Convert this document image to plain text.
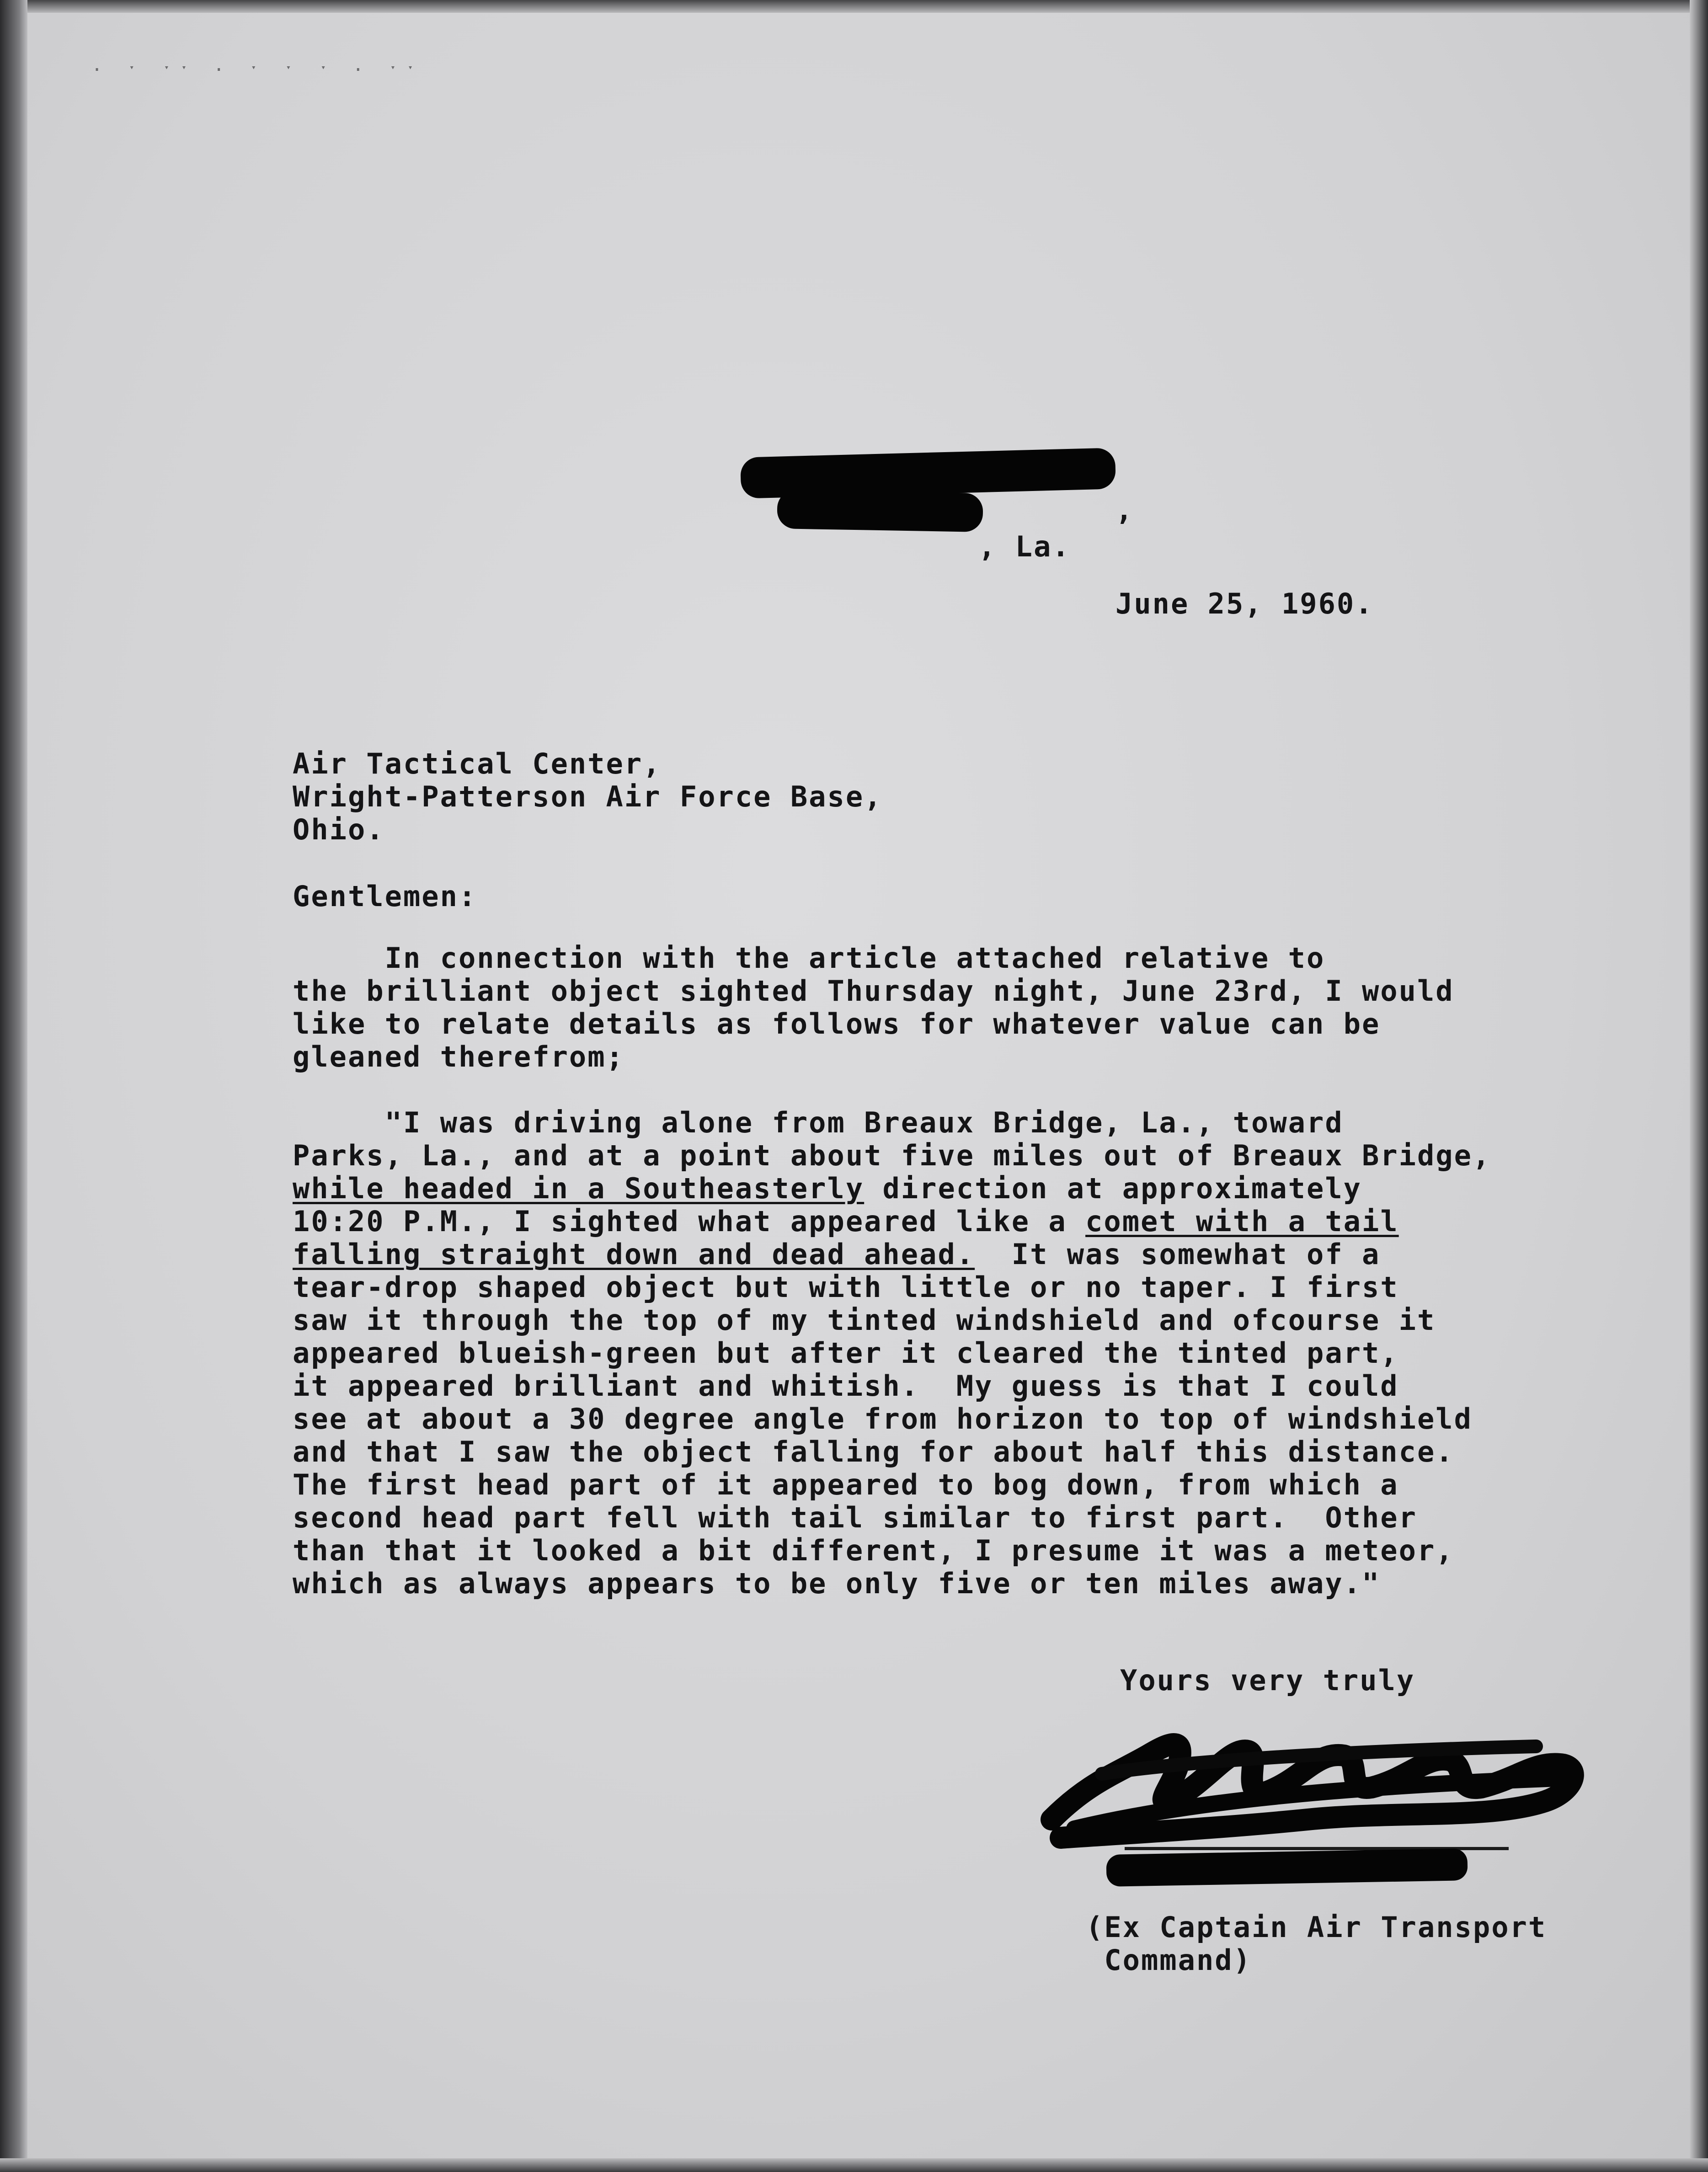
· ˑ ˑˑ · ˑ ˑ ˑ · ˑˑ
,
, La.
June 25, 1960.
Air Tactical Center,
Wright-Patterson Air Force Base,
Ohio.
Gentlemen:
In connection with the article attached relative to
the brilliant object sighted Thursday night, June 23rd, I would
like to relate details as follows for whatever value can be
gleaned therefrom;
"I was driving alone from Breaux Bridge, La., toward
Parks, La., and at a point about five miles out of Breaux Bridge,
while headed in a Southeasterly direction at approximately
10:20 P.M., I sighted what appeared like a comet with a tail
falling straight down and dead ahead.  It was somewhat of a
tear-drop shaped object but with little or no taper. I first
saw it through the top of my tinted windshield and ofcourse it
appeared blueish-green but after it cleared the tinted part,
it appeared brilliant and whitish.  My guess is that I could
see at about a 30 degree angle from horizon to top of windshield
and that I saw the object falling for about half this distance.
The first head part of it appeared to bog down, from which a
second head part fell with tail similar to first part.  Other
than that it looked a bit different, I presume it was a meteor,
which as always appears to be only five or ten miles away."
Yours very truly
(Ex Captain Air Transport
Command)
